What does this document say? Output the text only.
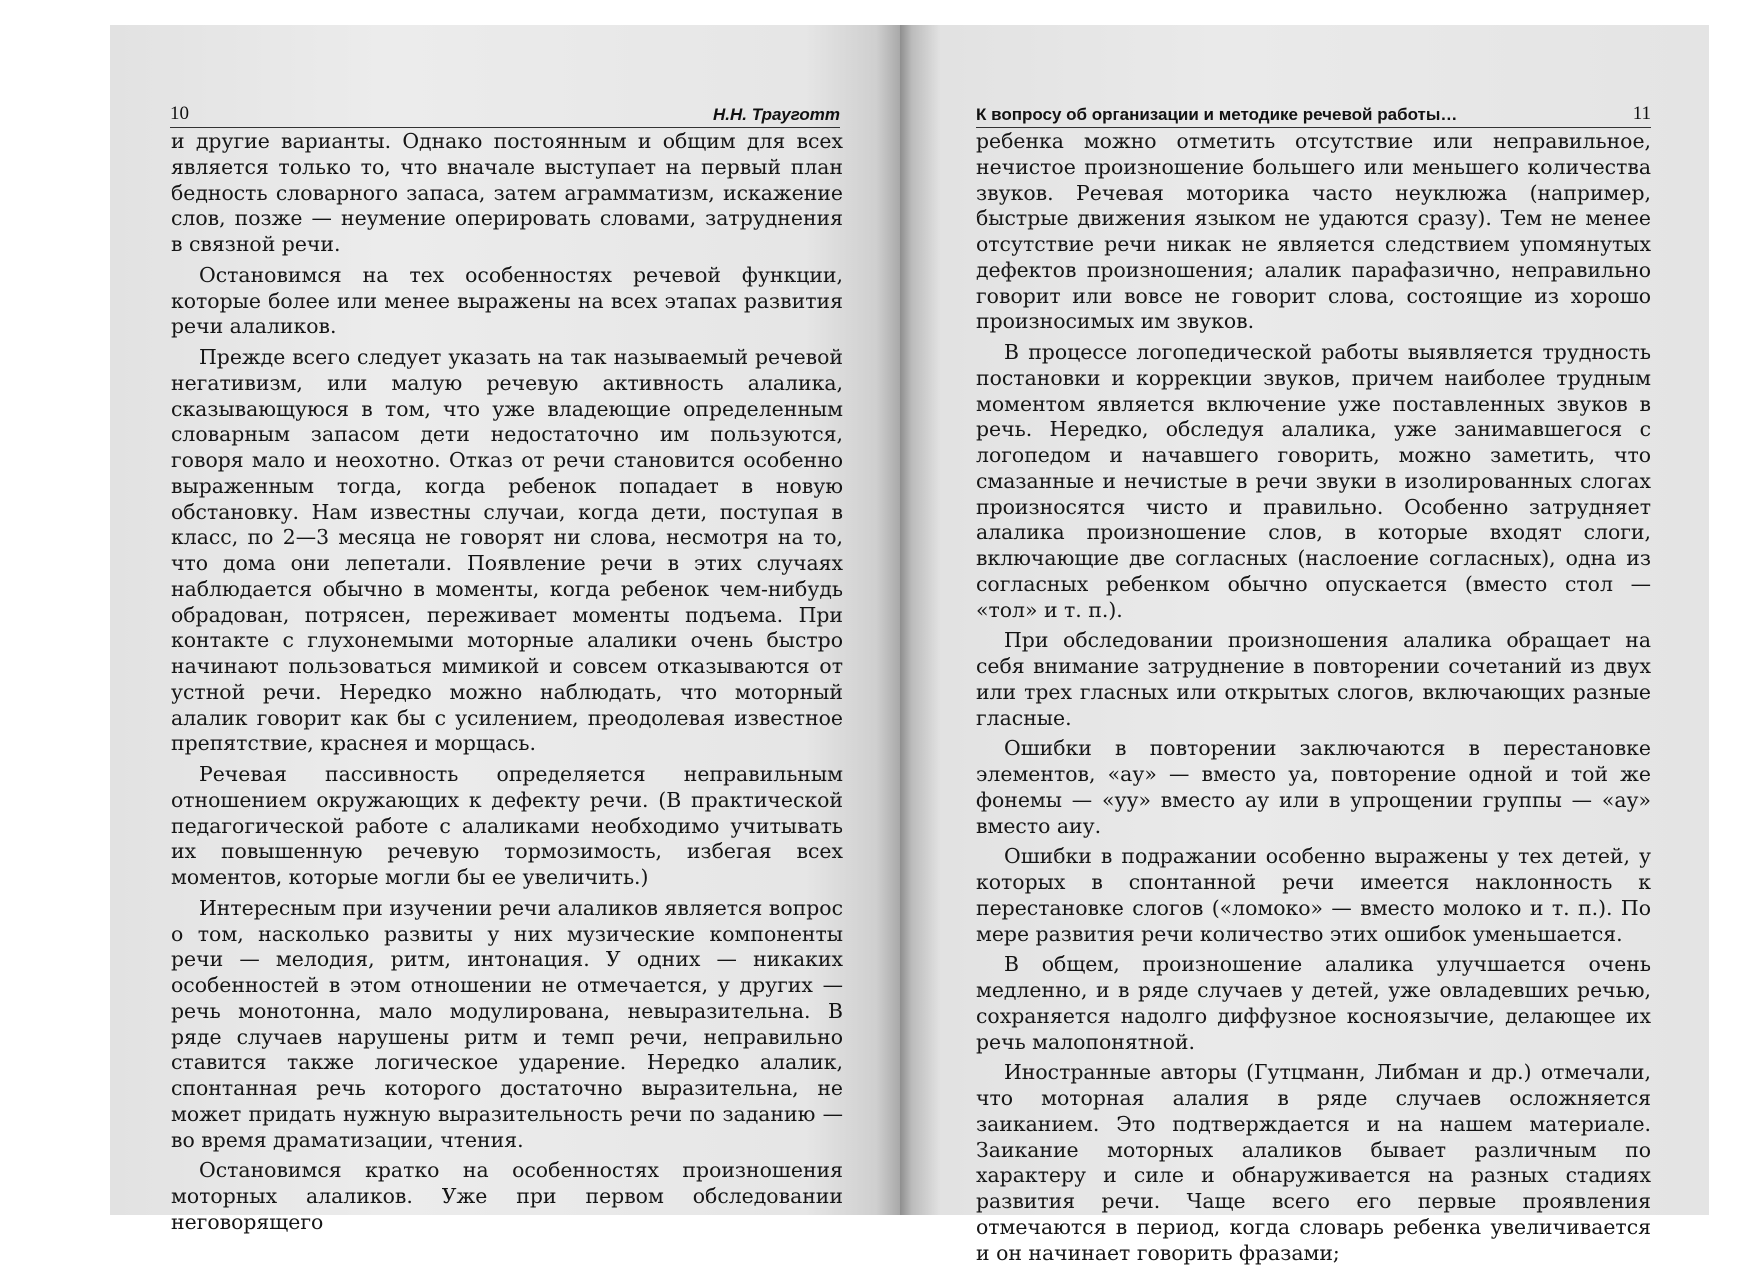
10	Н.Н. Трауготт

и другие варианты. Однако постоянным и общим для всех является только то, что вначале выступает на первый план бедность словарного запаса, затем аграмматизм, искажение слов, позже — неумение оперировать словами, затруднения в связной речи.

Остановимся на тех особенностях речевой функции, которые более или менее выражены на всех этапах развития речи алаликов.

Прежде всего следует указать на так называемый речевой негативизм, или малую речевую активность алалика, сказывающуюся в том, что уже владеющие определенным словарным запасом дети недостаточно им пользуются, говоря мало и неохотно. Отказ от речи становится особенно выраженным тогда, когда ребенок попадает в новую обстановку. Нам известны случаи, когда дети, поступая в класс, по 2—3 месяца не говорят ни слова, несмотря на то, что дома они лепетали. Появление речи в этих случаях наблюдается обычно в моменты, когда ребенок чем-нибудь обрадован, потрясен, переживает моменты подъема. При контакте с глухонемыми моторные алалики очень быстро начинают пользоваться мимикой и совсем отказываются от устной речи. Нередко можно наблюдать, что моторный алалик говорит как бы с усилением, преодолевая известное препятствие, краснея и морщась.

Речевая пассивность определяется неправильным отношением окружающих к дефекту речи. (В практической педагогической работе с алаликами необходимо учитывать их повышенную речевую тормозимость, избегая всех моментов, которые могли бы ее увеличить.)

Интересным при изучении речи алаликов является вопрос о том, насколько развиты у них музические компоненты речи — мелодия, ритм, интонация. У одних — никаких особенностей в этом отношении не отмечается, у других — речь монотонна, мало модулирована, невыразительна. В ряде случаев нарушены ритм и темп речи, неправильно ставится также логическое ударение. Нередко алалик, спонтанная речь которого достаточно выразительна, не может придать нужную выразительность речи по заданию — во время драматизации, чтения.

Остановимся кратко на особенностях произношения моторных алаликов. Уже при первом обследовании неговорящего

К вопросу об организации и методике речевой работы…	11

ребенка можно отметить отсутствие или неправильное, нечистое произношение большего или меньшего количества звуков. Речевая моторика часто неуклюжа (например, быстрые движения языком не удаются сразу). Тем не менее отсутствие речи никак не является следствием упомянутых дефектов произношения; алалик парафазично, неправильно говорит или вовсе не говорит слова, состоящие из хорошо произносимых им звуков.

В процессе логопедической работы выявляется трудность постановки и коррекции звуков, причем наиболее трудным моментом является включение уже поставленных звуков в речь. Нередко, обследуя алалика, уже занимавшегося с логопедом и начавшего говорить, можно заметить, что смазанные и нечистые в речи звуки в изолированных слогах произносятся чисто и правильно. Особенно затрудняет алалика произношение слов, в которые входят слоги, включающие две согласных (наслоение согласных), одна из согласных ребенком обычно опускается (вместо стол — «тол» и т. п.).

При обследовании произношения алалика обращает на себя внимание затруднение в повторении сочетаний из двух или трех гласных или открытых слогов, включающих разные гласные.

Ошибки в повторении заключаются в перестановке элементов, «ау» — вместо уа, повторение одной и той же фонемы — «уу» вместо ау или в упрощении группы — «ау» вместо аиу.

Ошибки в подражании особенно выражены у тех детей, у которых в спонтанной речи имеется наклонность к перестановке слогов («ломоко» — вместо молоко и т. п.). По мере развития речи количество этих ошибок уменьшается.

В общем, произношение алалика улучшается очень медленно, и в ряде случаев у детей, уже овладевших речью, сохраняется надолго диффузное косноязычие, делающее их речь малопонятной.

Иностранные авторы (Гутцманн, Либман и др.) отмечали, что моторная алалия в ряде случаев осложняется заиканием. Это подтверждается и на нашем материале. Заикание моторных алаликов бывает различным по характеру и силе и обнаруживается на разных стадиях развития речи. Чаще всего его первые проявления отмечаются в период, когда словарь ребенка увеличивается и он начинает говорить фразами;
